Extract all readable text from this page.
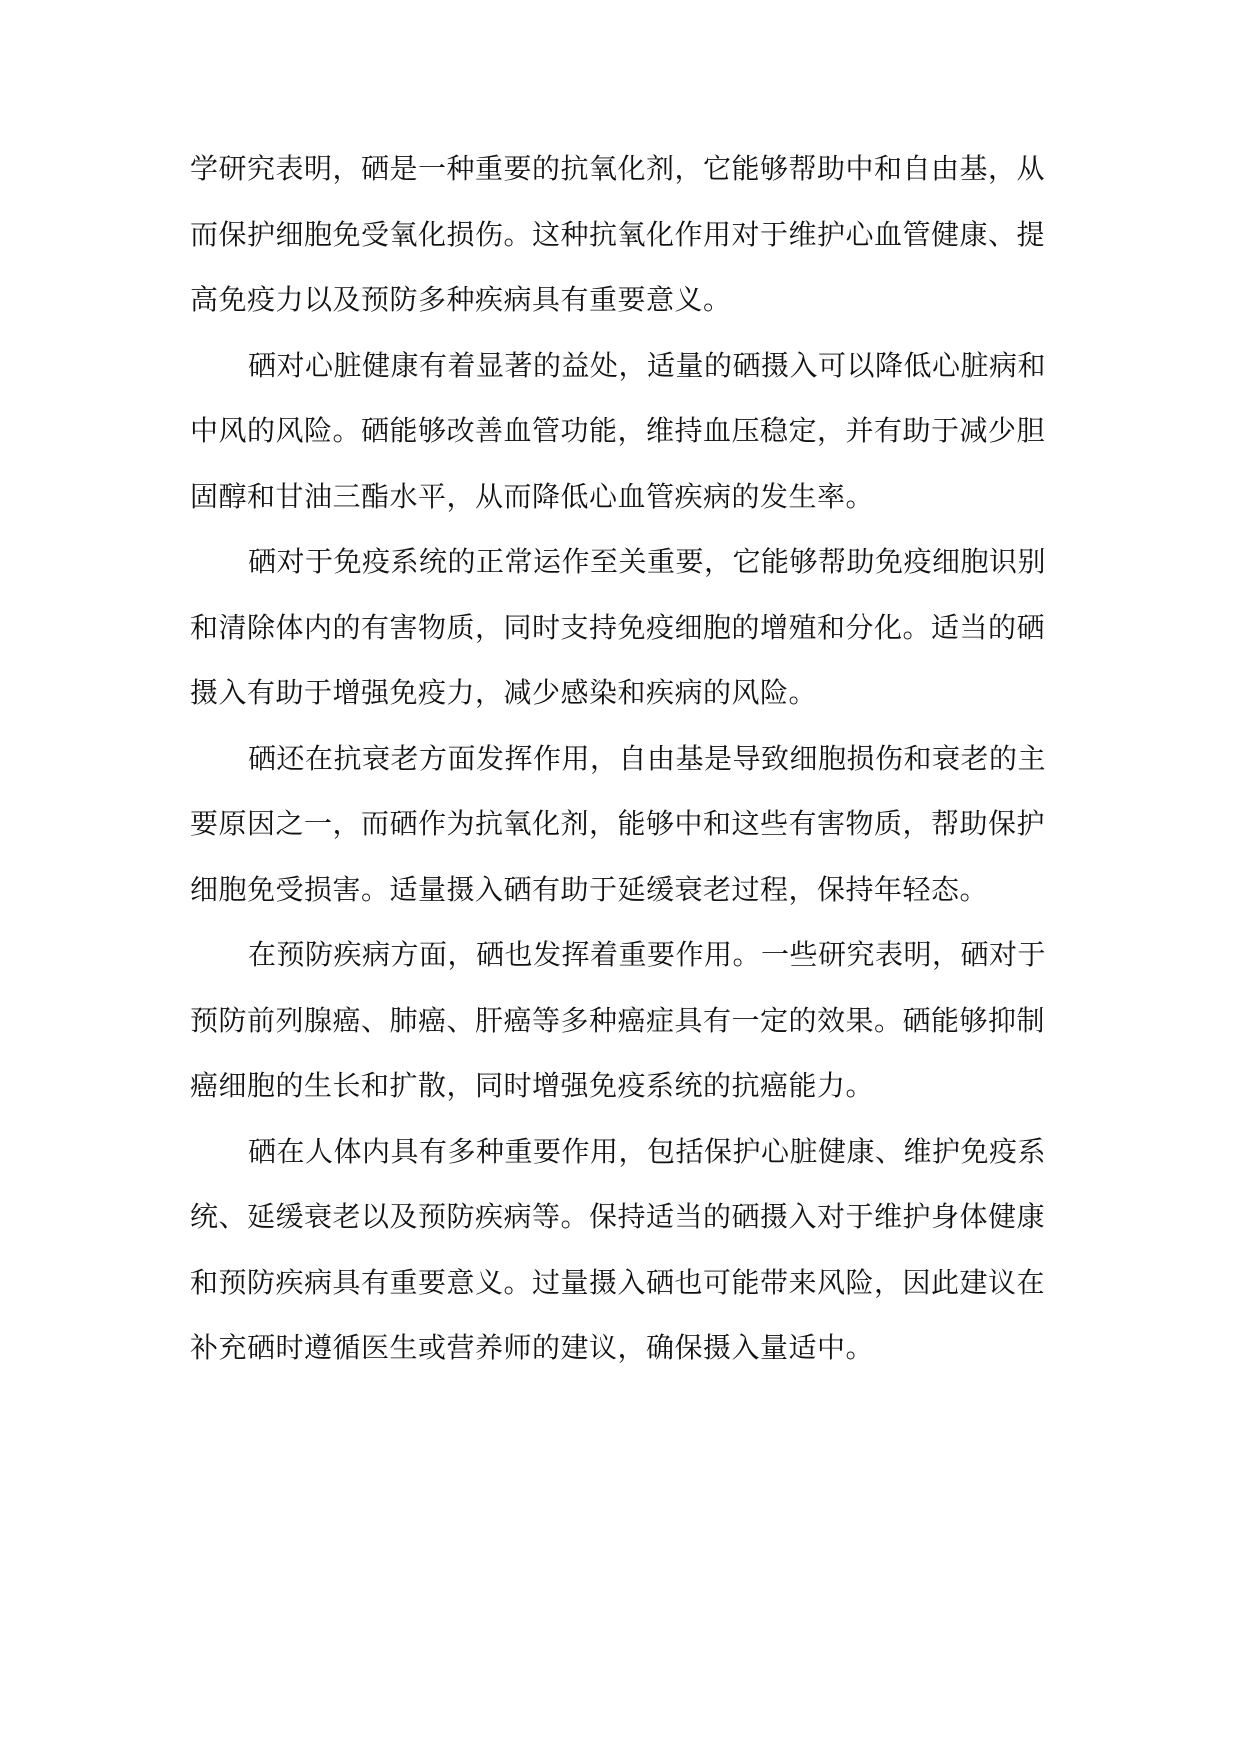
学研究表明，硒是一种重要的抗氧化剂，它能够帮助中和自由基，从
而保护细胞免受氧化损伤。这种抗氧化作用对于维护心血管健康、提
高免疫力以及预防多种疾病具有重要意义。
硒对心脏健康有着显著的益处，适量的硒摄入可以降低心脏病和
中风的风险。硒能够改善血管功能，维持血压稳定，并有助于减少胆
固醇和甘油三酯水平，从而降低心血管疾病的发生率。
硒对于免疫系统的正常运作至关重要，它能够帮助免疫细胞识别
和清除体内的有害物质，同时支持免疫细胞的增殖和分化。适当的硒
摄入有助于增强免疫力，减少感染和疾病的风险。
硒还在抗衰老方面发挥作用，自由基是导致细胞损伤和衰老的主
要原因之一，而硒作为抗氧化剂，能够中和这些有害物质，帮助保护
细胞免受损害。适量摄入硒有助于延缓衰老过程，保持年轻态。
在预防疾病方面，硒也发挥着重要作用。一些研究表明，硒对于
预防前列腺癌、肺癌、肝癌等多种癌症具有一定的效果。硒能够抑制
癌细胞的生长和扩散，同时增强免疫系统的抗癌能力。
硒在人体内具有多种重要作用，包括保护心脏健康、维护免疫系
统、延缓衰老以及预防疾病等。保持适当的硒摄入对于维护身体健康
和预防疾病具有重要意义。过量摄入硒也可能带来风险，因此建议在
补充硒时遵循医生或营养师的建议，确保摄入量适中。
